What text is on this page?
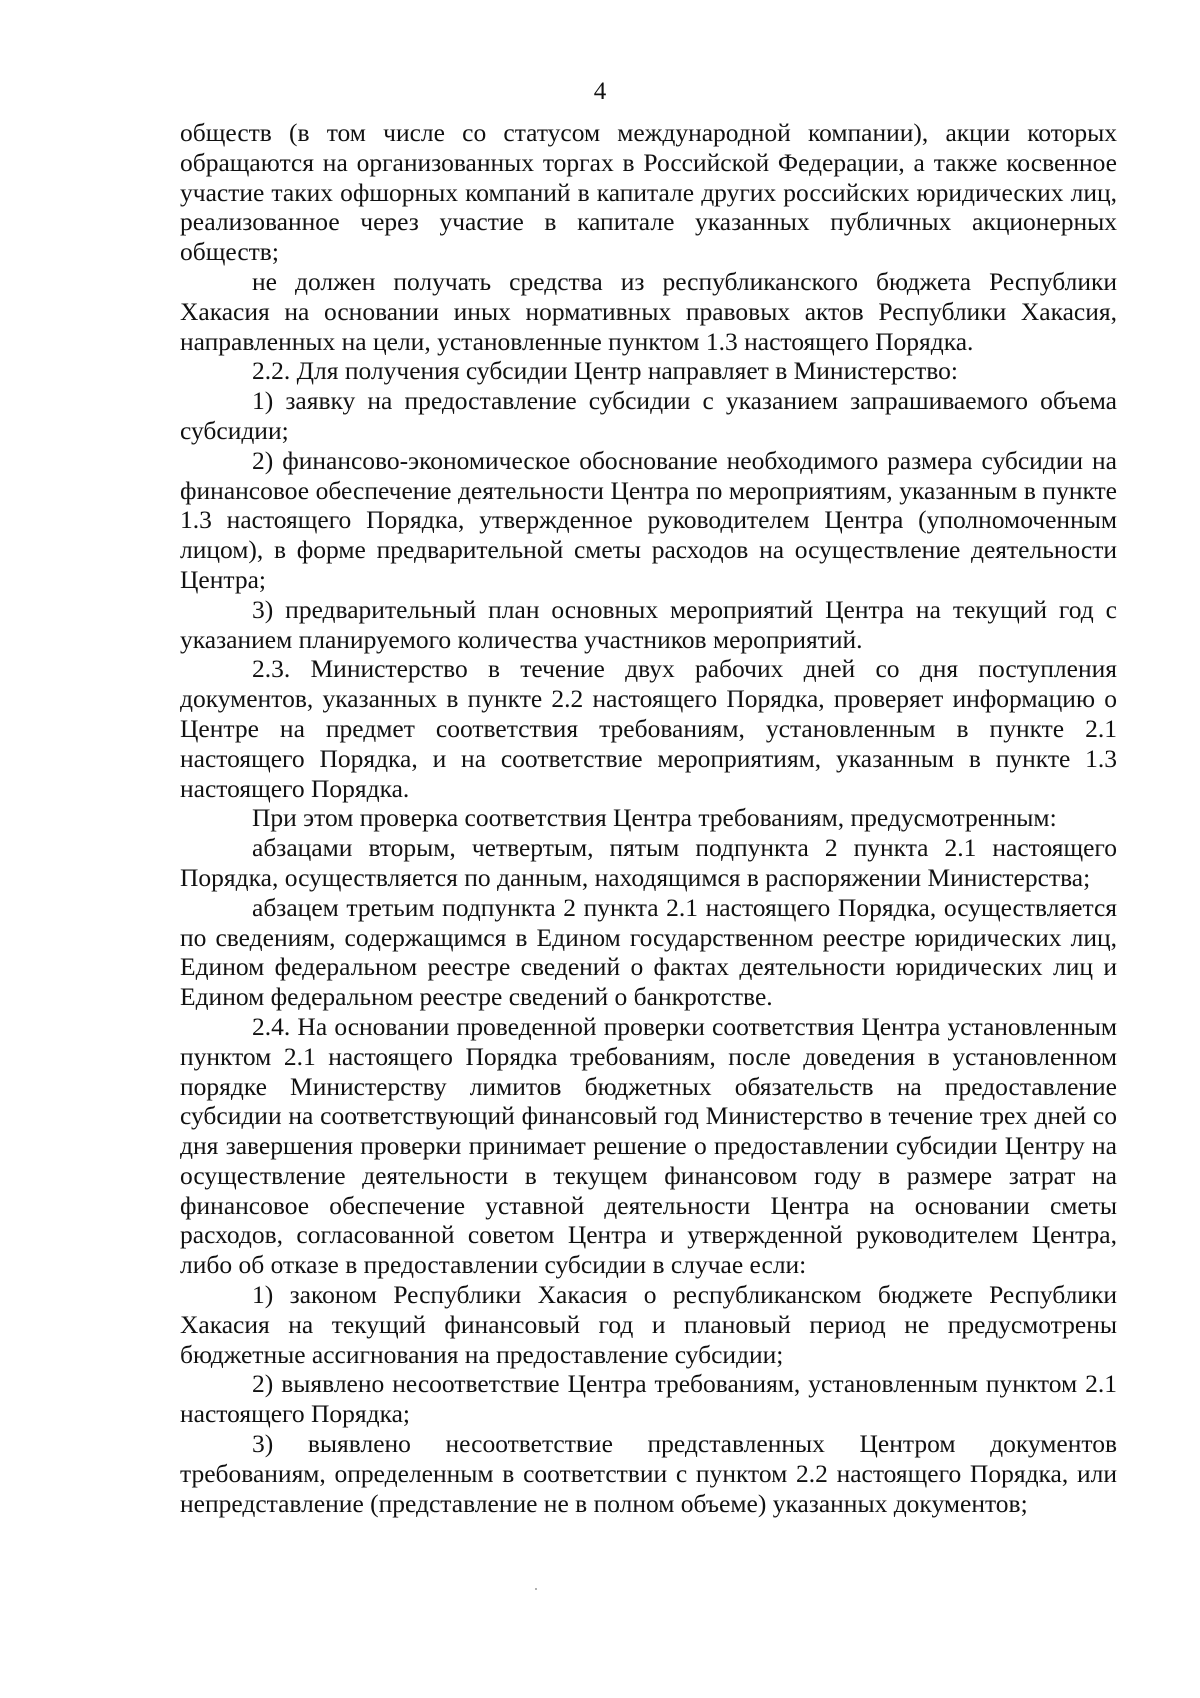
4

обществ (в том числе со статусом международной компании), акции которых обращаются на организованных торгах в Российской Федерации, а также косвенное участие таких офшорных компаний в капитале других российских юридических лиц, реализованное через участие в капитале указанных публичных акционерных обществ;

не должен получать средства из республиканского бюджета Республики Хакасия на основании иных нормативных правовых актов Республики Хакасия, направленных на цели, установленные пунктом 1.3 настоящего Порядка.

2.2. Для получения субсидии Центр направляет в Министерство:

1) заявку на предоставление субсидии с указанием запрашиваемого объема субсидии;

2) финансово-экономическое обоснование необходимого размера субсидии на финансовое обеспечение деятельности Центра по мероприятиям, указанным в пункте 1.3 настоящего Порядка, утвержденное руководителем Центра (уполномоченным лицом), в форме предварительной сметы расходов на осуществление деятельности Центра;

3) предварительный план основных мероприятий Центра на текущий год с указанием планируемого количества участников мероприятий.

2.3. Министерство в течение двух рабочих дней со дня поступления документов, указанных в пункте 2.2 настоящего Порядка, проверяет информацию о Центре на предмет соответствия требованиям, установленным в пункте 2.1 настоящего Порядка, и на соответствие мероприятиям, указанным в пункте 1.3 настоящего Порядка.

При этом проверка соответствия Центра требованиям, предусмотренным:

абзацами вторым, четвертым, пятым подпункта 2 пункта 2.1 настоящего Порядка, осуществляется по данным, находящимся в распоряжении Министерства;

абзацем третьим подпункта 2 пункта 2.1 настоящего Порядка, осуществляется по сведениям, содержащимся в Едином государственном реестре юридических лиц, Едином федеральном реестре сведений о фактах деятельности юридических лиц и Едином федеральном реестре сведений о банкротстве.

2.4. На основании проведенной проверки соответствия Центра установленным пунктом 2.1 настоящего Порядка требованиям, после доведения в установленном порядке Министерству лимитов бюджетных обязательств на предоставление субсидии на соответствующий финансовый год Министерство в течение трех дней со дня завершения проверки принимает решение о предоставлении субсидии Центру на осуществление деятельности в текущем финансовом году в размере затрат на финансовое обеспечение уставной деятельности Центра на основании сметы расходов, согласованной советом Центра и утвержденной руководителем Центра, либо об отказе в предоставлении субсидии в случае если:

1) законом Республики Хакасия о республиканском бюджете Республики Хакасия на текущий финансовый год и плановый период не предусмотрены бюджетные ассигнования на предоставление субсидии;

2) выявлено несоответствие Центра требованиям, установленным пунктом 2.1 настоящего Порядка;

3) выявлено несоответствие представленных Центром документов требованиям, определенным в соответствии с пунктом 2.2 настоящего Порядка, или непредставление (представление не в полном объеме) указанных документов;
